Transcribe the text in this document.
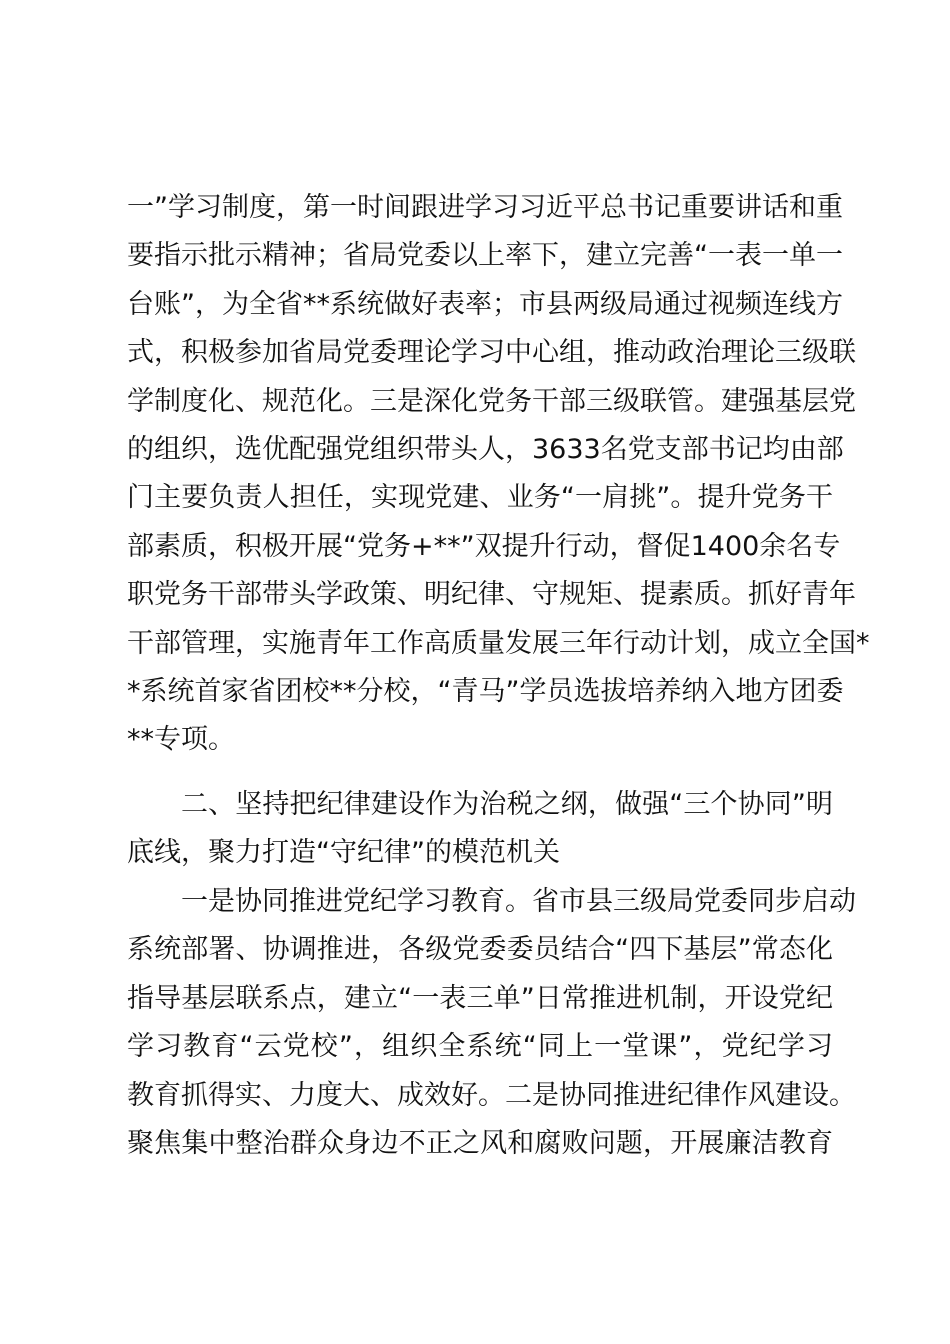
一”学习制度，第一时间跟进学习习近平总书记重要讲话和重
要指示批示精神；省局党委以上率下，建立完善“一表一单一
台账”，为全省**系统做好表率；市县两级局通过视频连线方
式，积极参加省局党委理论学习中心组，推动政治理论三级联
学制度化、规范化。三是深化党务干部三级联管。建强基层党
的组织，选优配强党组织带头人，3633名党支部书记均由部
门主要负责人担任，实现党建、业务“一肩挑”。提升党务干
部素质，积极开展“党务+**”双提升行动，督促1400余名专
职党务干部带头学政策、明纪律、守规矩、提素质。抓好青年
干部管理，实施青年工作高质量发展三年行动计划，成立全国*
*系统首家省团校**分校，“青马”学员选拔培养纳入地方团委
**专项。
二、坚持把纪律建设作为治税之纲，做强“三个协同”明
底线，聚力打造“守纪律”的模范机关
一是协同推进党纪学习教育。省市县三级局党委同步启动
系统部署、协调推进，各级党委委员结合“四下基层”常态化
指导基层联系点，建立“一表三单”日常推进机制，开设党纪
学习教育“云党校”，组织全系统“同上一堂课”，党纪学习
教育抓得实、力度大、成效好。二是协同推进纪律作风建设。
聚焦集中整治群众身边不正之风和腐败问题，开展廉洁教育
